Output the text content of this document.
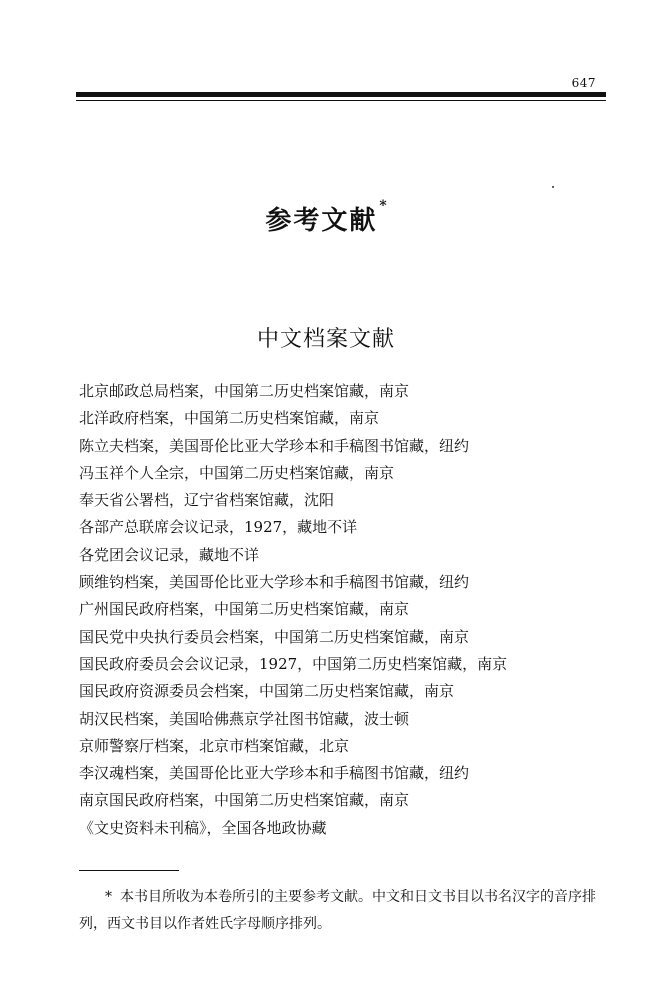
647
参考文献 *
中文档案文献
北京邮政总局档案，中国第二历史档案馆藏，南京
北洋政府档案，中国第二历史档案馆藏，南京
陈立夫档案，美国哥伦比亚大学珍本和手稿图书馆藏，纽约
冯玉祥个人全宗，中国第二历史档案馆藏，南京
奉天省公署档，辽宁省档案馆藏，沈阳
各部产总联席会议记录，1927，藏地不详
各党团会议记录，藏地不详
顾维钧档案，美国哥伦比亚大学珍本和手稿图书馆藏，纽约
广州国民政府档案，中国第二历史档案馆藏，南京
国民党中央执行委员会档案，中国第二历史档案馆藏，南京
国民政府委员会会议记录，1927，中国第二历史档案馆藏，南京
国民政府资源委员会档案，中国第二历史档案馆藏，南京
胡汉民档案，美国哈佛燕京学社图书馆藏，波士顿
京师警察厅档案，北京市档案馆藏，北京
李汉魂档案，美国哥伦比亚大学珍本和手稿图书馆藏，纽约
南京国民政府档案，中国第二历史档案馆藏，南京
《文史资料未刊稿》，全国各地政协藏

* 本书目所收为本卷所引的主要参考文献。中文和日文书目以书名汉字的音序排列，西文书目以作者姓氏字母顺序排列。
